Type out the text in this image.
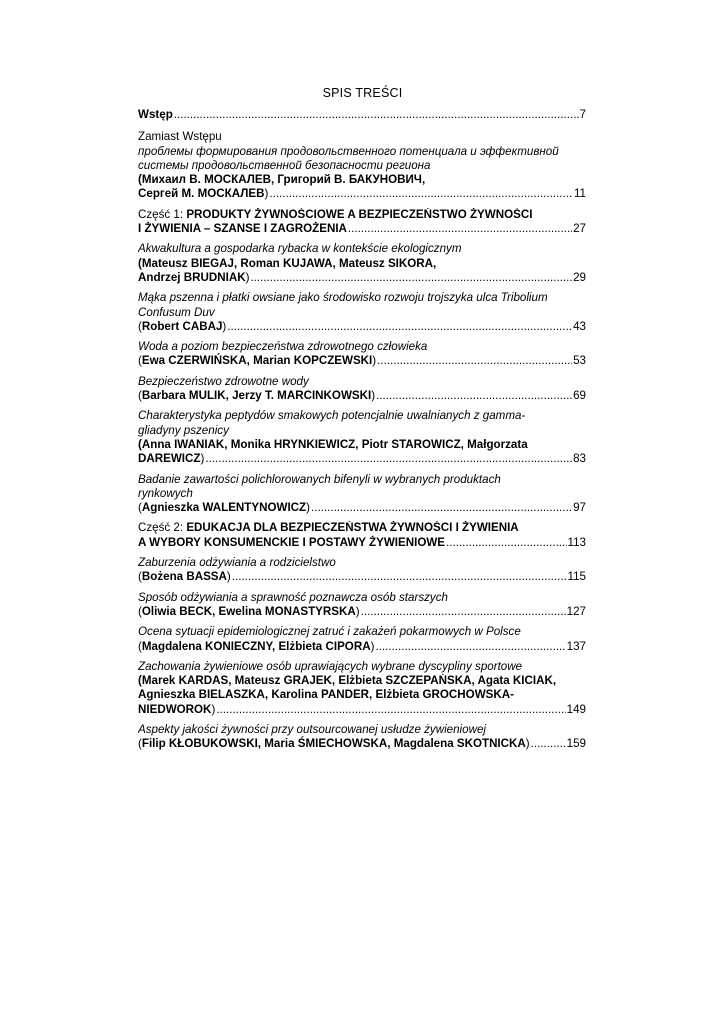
SPIS TREŚCI
Wstęp .....	7
Zamiast Wstępu
проблемы формирования продовольственного потенциала и эффективной
системы продовольственной безопасности региона
(Михаил В. МОСКАЛЕВ, Григорий В. БАКУНОВИЧ,
Сергей М. МОСКАЛЕВ) .....	11
Część 1: PRODUKTY ŻYWNOŚCIOWE A BEZPIECZEŃSTWO ŻYWNOŚCI
I ŻYWIENIA – SZANSE I ZAGROŻENIA .....	27
Akwakultura a gospodarka rybacka w kontekście ekologicznym
(Mateusz BIEGAJ, Roman KUJAWA, Mateusz SIKORA,
Andrzej BRUDNIAK) .....	29
Mąka pszenna i płatki owsiane jako środowisko rozwoju trojszyka ulca Tribolium
Confusum Duv
(Robert CABAJ) .....	43
Woda a poziom bezpieczeństwa zdrowotnego człowieka
(Ewa CZERWIŃSKA, Marian KOPCZEWSKI) .....	53
Bezpieczeństwo zdrowotne wody
(Barbara MULIK, Jerzy T. MARCINKOWSKI) .....	69
Charakterystyka peptydów smakowych potencjalnie uwalnianych z gamma-
gliadyny pszenicy
(Anna IWANIAK, Monika HRYNKIEWICZ, Piotr STAROWICZ, Małgorzata
DAREWICZ) .....	83
Badanie zawartości polichlorowanych bifenyli w wybranych produktach
rynkowych
(Agnieszka WALENTYNOWICZ) .....	97
Część 2: EDUKACJA DLA BEZPIECZEŃSTWA ŻYWNOŚCI I ŻYWIENIA
A WYBORY KONSUMENCKIE I POSTAWY ŻYWIENIOWE .....	113
Zaburzenia odżywiania a rodzicielstwo
(Bożena BASSA) .....	115
Sposób odżywiania a sprawność poznawcza osób starszych
(Oliwia BECK, Ewelina MONASTYRSKA) .....	127
Ocena sytuacji epidemiologicznej zatruć i zakażeń pokarmowych w Polsce
(Magdalena KONIECZNY, Elżbieta CIPORA) .....	137
Zachowania żywieniowe osób uprawiających wybrane dyscypliny sportowe
(Marek KARDAS, Mateusz GRAJEK, Elżbieta SZCZEPAŃSKA, Agata KICIAK,
Agnieszka BIELASZKA, Karolina PANDER, Elżbieta GROCHOWSKA-
NIEDWOROK) .....	149
Aspekty jakości żywności przy outsourcowanej usłudze żywieniowej
(Filip KŁOBUKOWSKI, Maria ŚMIECHOWSKA, Magdalena SKOTNICKA) .....	159
